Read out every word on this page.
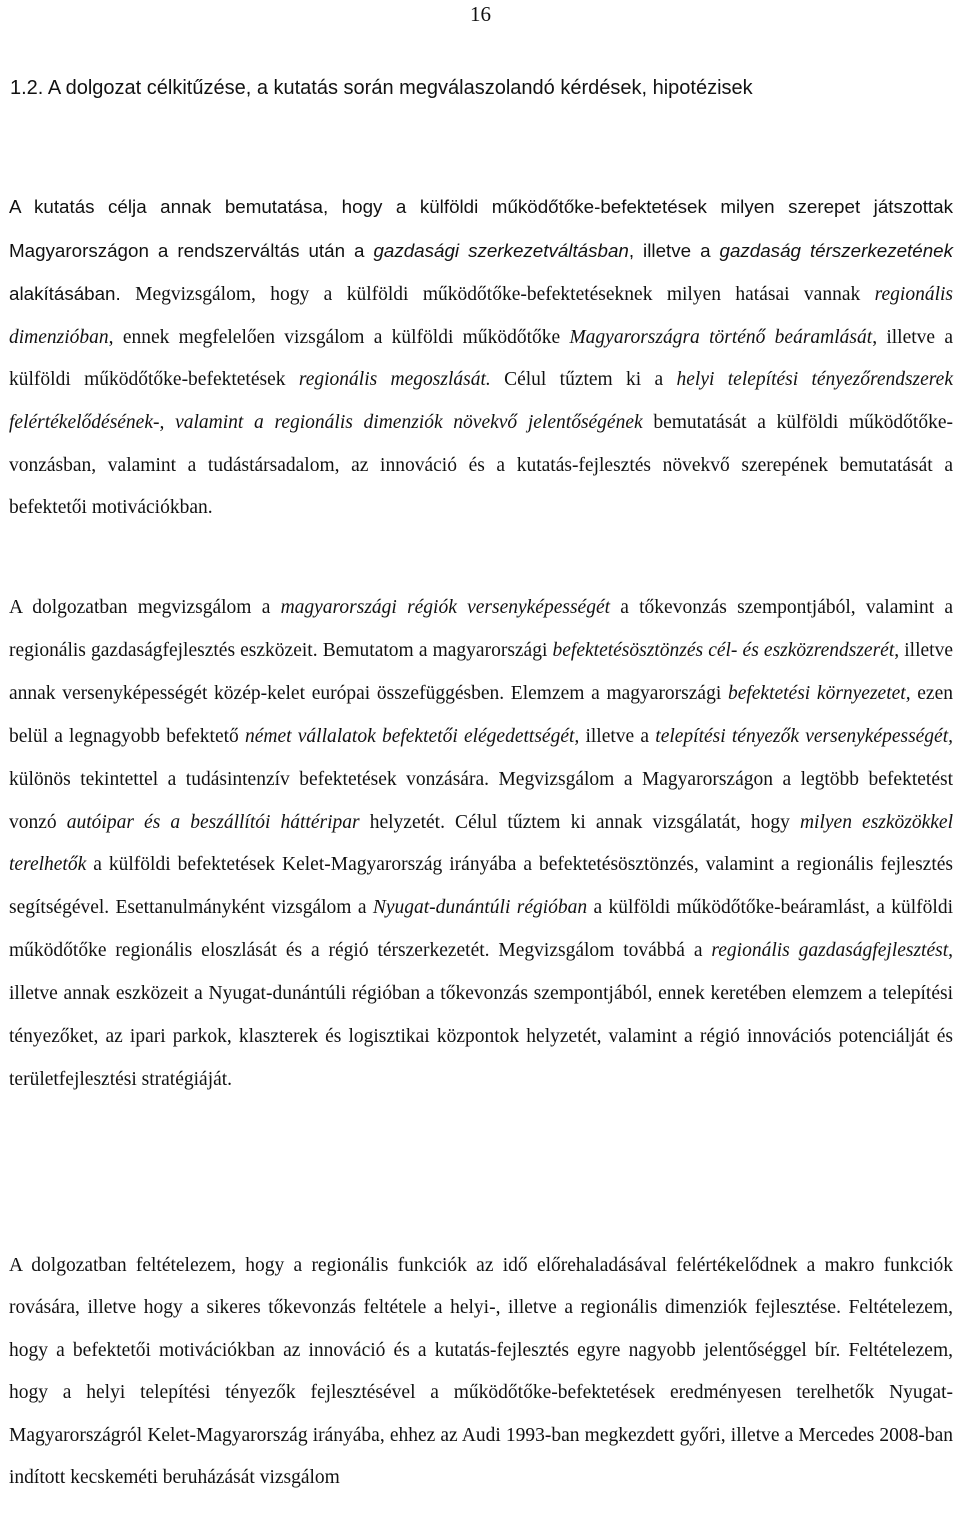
16
1.2. A dolgozat célkitűzése, a kutatás során megválaszolandó kérdések, hipotézisek
A kutatás célja annak bemutatása, hogy a külföldi működőtőke-befektetések milyen szerepet játszottak Magyarországon a rendszerváltás után a gazdasági szerkezetváltásban, illetve a gazdaság térszerkezetének alakításában. Megvizsgálom, hogy a külföldi működőtőke-befektetéseknek milyen hatásai vannak regionális dimenzióban, ennek megfelelően vizsgálom a külföldi működőtőke Magyarországra történő beáramlását, illetve a külföldi működőtőke-befektetések regionális megoszlását. Célul tűztem ki a helyi telepítési tényezőrendszerek felértékelődésének-, valamint a regionális dimenziók növekvő jelentőségének bemutatását a külföldi működőtőke-vonzásban, valamint a tudástársadalom, az innováció és a kutatás-fejlesztés növekvő szerepének bemutatását a befektetői motivációkban.
A dolgozatban megvizsgálom a magyarországi régiók versenyképességét a tőkevonzás szempontjából, valamint a regionális gazdaságfejlesztés eszközeit. Bemutatom a magyarországi befektetésösztönzés cél- és eszközrendszerét, illetve annak versenyképességét közép-kelet európai összefüggésben. Elemzem a magyarországi befektetési környezetet, ezen belül a legnagyobb befektető német vállalatok befektetői elégedettségét, illetve a telepítési tényezők versenyképességét, különös tekintettel a tudásintenzív befektetések vonzására. Megvizsgálom a Magyarországon a legtöbb befektetést vonzó autóipar és a beszállítói háttéripar helyzetét. Célul tűztem ki annak vizsgálatát, hogy milyen eszközökkel terelhetők a külföldi befektetések Kelet-Magyarország irányába a befektetésösztönzés, valamint a regionális fejlesztés segítségével. Esettanulmányként vizsgálom a Nyugat-dunántúli régióban a külföldi működőtőke-beáramlást, a külföldi működőtőke regionális eloszlását és a régió térszerkezetét. Megvizsgálom továbbá a regionális gazdaságfejlesztést, illetve annak eszközeit a Nyugat-dunántúli régióban a tőkevonzás szempontjából, ennek keretében elemzem a telepítési tényezőket, az ipari parkok, klaszterek és logisztikai központok helyzetét, valamint a régió innovációs potenciálját és területfejlesztési stratégiáját.
A dolgozatban feltételezem, hogy a regionális funkciók az idő előrehaladásával felértékelődnek a makro funkciók rovására, illetve hogy a sikeres tőkevonzás feltétele a helyi-, illetve a regionális dimenziók fejlesztése. Feltételezem, hogy a befektetői motivációkban az innováció és a kutatás-fejlesztés egyre nagyobb jelentőséggel bír. Feltételezem, hogy a helyi telepítési tényezők fejlesztésével a működőtőke-befektetések eredményesen terelhetők Nyugat-Magyarországról Kelet-Magyarország irányába, ehhez az Audi 1993-ban megkezdett győri, illetve a Mercedes 2008-ban indított kecskeméti beruházását vizsgálom
